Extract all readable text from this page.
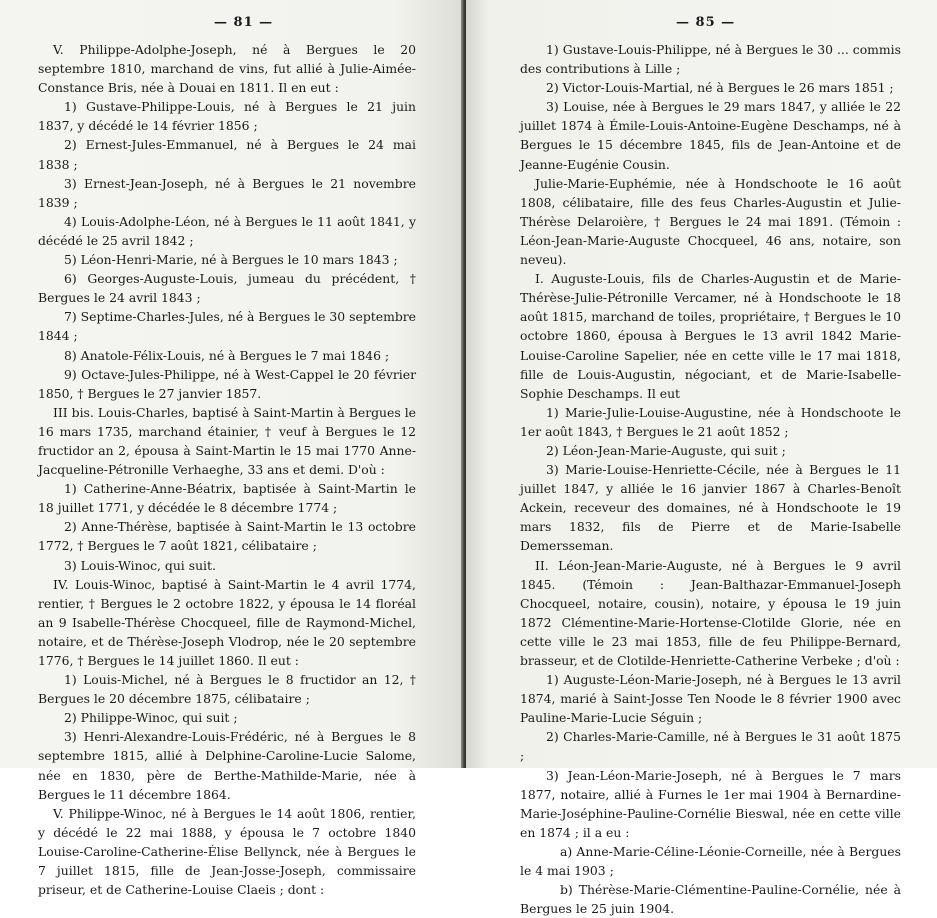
— 81 —

V. Philippe-Adolphe-Joseph, né à Bergues le 20 septembre 1810, marchand de vins, fut allié à Julie-Aimée-Constance Bris, née à Douai en 1811. Il en eut :

1) Gustave-Philippe-Louis, né à Bergues le 21 juin 1837, y décédé le 14 février 1856 ;

2) Ernest-Jules-Emmanuel, né à Bergues le 24 mai 1838 ;

3) Ernest-Jean-Joseph, né à Bergues le 21 novembre 1839 ;

4) Louis-Adolphe-Léon, né à Bergues le 11 août 1841, y décédé le 25 avril 1842 ;

5) Léon-Henri-Marie, né à Bergues le 10 mars 1843 ;

6) Georges-Auguste-Louis, jumeau du précédent, † Bergues le 24 avril 1843 ;

7) Septime-Charles-Jules, né à Bergues le 30 septembre 1844 ;

8) Anatole-Félix-Louis, né à Bergues le 7 mai 1846 ;

9) Octave-Jules-Philippe, né à West-Cappel le 20 février 1850, † Bergues le 27 janvier 1857.

III bis. Louis-Charles, baptisé à Saint-Martin à Bergues le 16 mars 1735, marchand étainier, † veuf à Bergues le 12 fructidor an 2, épousa à Saint-Martin le 15 mai 1770 Anne-Jacqueline-Pétronille Verhaeghe, 33 ans et demi. D'où :

1) Catherine-Anne-Béatrix, baptisée à Saint-Martin le 18 juillet 1771, y décédée le 8 décembre 1774 ;

2) Anne-Thérèse, baptisée à Saint-Martin le 13 octobre 1772, † Bergues le 7 août 1821, célibataire ;

3) Louis-Winoc, qui suit.

IV. Louis-Winoc, baptisé à Saint-Martin le 4 avril 1774, rentier, † Bergues le 2 octobre 1822, y épousa le 14 floréal an 9 Isabelle-Thérèse Chocqueel, fille de Raymond-Michel, notaire, et de Thérèse-Joseph Vlodrop, née le 20 septembre 1776, † Bergues le 14 juillet 1860. Il eut :

1) Louis-Michel, né à Bergues le 8 fructidor an 12, † Bergues le 20 décembre 1875, célibataire ;

2) Philippe-Winoc, qui suit ;

3) Henri-Alexandre-Louis-Frédéric, né à Bergues le 8 septembre 1815, allié à Delphine-Caroline-Lucie Salome, née en 1830, père de Berthe-Mathilde-Marie, née à Bergues le 11 décembre 1864.

V. Philippe-Winoc, né à Bergues le 14 août 1806, rentier, y décédé le 22 mai 1888, y épousa le 7 octobre 1840 Louise-Caroline-Catherine-Élise Bellynck, née à Bergues le 7 juillet 1815, fille de Jean-Josse-Joseph, commissaire priseur, et de Catherine-Louise Claeis ; dont :

— 85 —

1) Gustave-Louis-Philippe, né à Bergues le 30 ... commis des contributions à Lille ;

2) Victor-Louis-Martial, né à Bergues le 26 mars 1851 ;

3) Louise, née à Bergues le 29 mars 1847, y alliée le 22 juillet 1874 à Émile-Louis-Antoine-Eugène Deschamps, né à Bergues le 15 décembre 1845, fils de Jean-Antoine et de Jeanne-Eugénie Cousin.

Julie-Marie-Euphémie, née à Hondschoote le 16 août 1808, célibataire, fille des feus Charles-Augustin et Julie-Thérèse Delaroière, † Bergues le 24 mai 1891. (Témoin : Léon-Jean-Marie-Auguste Chocqueel, 46 ans, notaire, son neveu).

I. Auguste-Louis, fils de Charles-Augustin et de Marie-Thérèse-Julie-Pétronille Vercamer, né à Hondschoote le 18 août 1815, marchand de toiles, propriétaire, † Bergues le 10 octobre 1860, épousa à Bergues le 13 avril 1842 Marie-Louise-Caroline Sapelier, née en cette ville le 17 mai 1818, fille de Louis-Augustin, négociant, et de Marie-Isabelle-Sophie Deschamps. Il eut

1) Marie-Julie-Louise-Augustine, née à Hondschoote le 1er août 1843, † Bergues le 21 août 1852 ;

2) Léon-Jean-Marie-Auguste, qui suit ;

3) Marie-Louise-Henriette-Cécile, née à Bergues le 11 juillet 1847, y alliée le 16 janvier 1867 à Charles-Benoît Ackein, receveur des domaines, né à Hondschoote le 19 mars 1832, fils de Pierre et de Marie-Isabelle Demersseman.

II. Léon-Jean-Marie-Auguste, né à Bergues le 9 avril 1845. (Témoin : Jean-Balthazar-Emmanuel-Joseph Chocqueel, notaire, cousin), notaire, y épousa le 19 juin 1872 Clémentine-Marie-Hortense-Clotilde Glorie, née en cette ville le 23 mai 1853, fille de feu Philippe-Bernard, brasseur, et de Clotilde-Henriette-Catherine Verbeke ; d'où :

1) Auguste-Léon-Marie-Joseph, né à Bergues le 13 avril 1874, marié à Saint-Josse Ten Noode le 8 février 1900 avec Pauline-Marie-Lucie Séguin ;

2) Charles-Marie-Camille, né à Bergues le 31 août 1875 ;

3) Jean-Léon-Marie-Joseph, né à Bergues le 7 mars 1877, notaire, allié à Furnes le 1er mai 1904 à Bernardine-Marie-Joséphine-Pauline-Cornélie Bieswal, née en cette ville en 1874 ; il a eu :

a) Anne-Marie-Céline-Léonie-Corneille, née à Bergues le 4 mai 1903 ;

b) Thérèse-Marie-Clémentine-Pauline-Cornélie, née à Bergues le 25 juin 1904.
